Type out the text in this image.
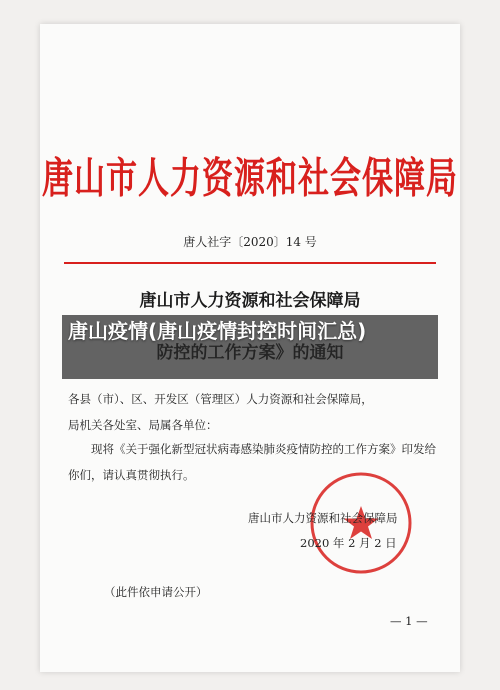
唐山市人力资源和社会保障局
唐人社字〔2020〕14 号
唐山市人力资源和社会保障局
唐山疫情(唐山疫情封控时间汇总)
各县（市）、区、开发区（管理区）人力资源和社会保障局，
局机关各处室、局属各单位：
现将《关于强化新型冠状病毒感染肺炎疫情防控的工作方案》印发给你们，请认真贯彻执行。
唐山市人力资源和社会保障局
2020 年 2 月 2 日
（此件依申请公开）
— 1 —
